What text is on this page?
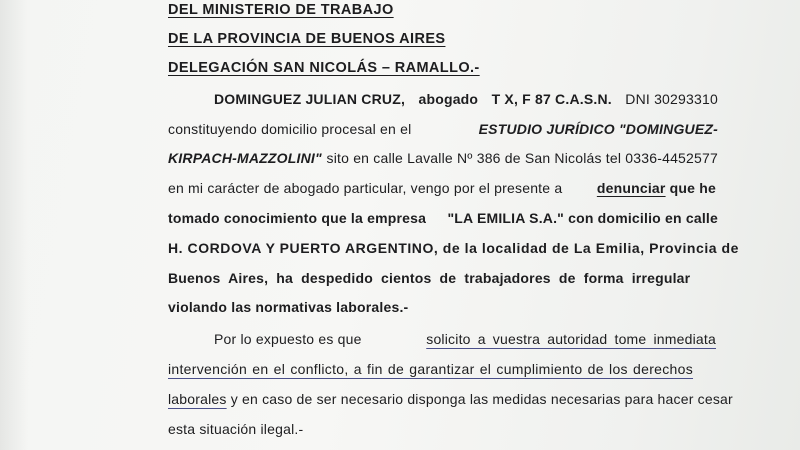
DEL MINISTERIO DE TRABAJO
DE LA PROVINCIA DE BUENOS AIRES
DELEGACIÓN SAN NICOLÁS – RAMALLO.-
DOMINGUEZ JULIAN CRUZ, abogado T X, F 87 C.A.S.N. DNI 30293310
constituyendo domicilio procesal en el	ESTUDIO JURÍDICO "DOMINGUEZ-
KIRPACH-MAZZOLINI" sito en calle Lavalle Nº 386 de San Nicolás tel 0336-4452577
en mi carácter de abogado particular, vengo por el presente a denunciar que he
tomado conocimiento que la empresa "LA EMILIA S.A." con domicilio en calle
H. CORDOVA Y PUERTO ARGENTINO, de la localidad de La Emilia, Provincia de
Buenos Aires, ha despedido cientos de trabajadores de forma irregular
violando las normativas laborales.-
Por lo expuesto es que	solicito a vuestra autoridad tome inmediata
intervención en el conflicto, a fin de garantizar el cumplimiento de los derechos
laborales y en caso de ser necesario disponga las medidas necesarias para hacer cesar
esta situación ilegal.-
